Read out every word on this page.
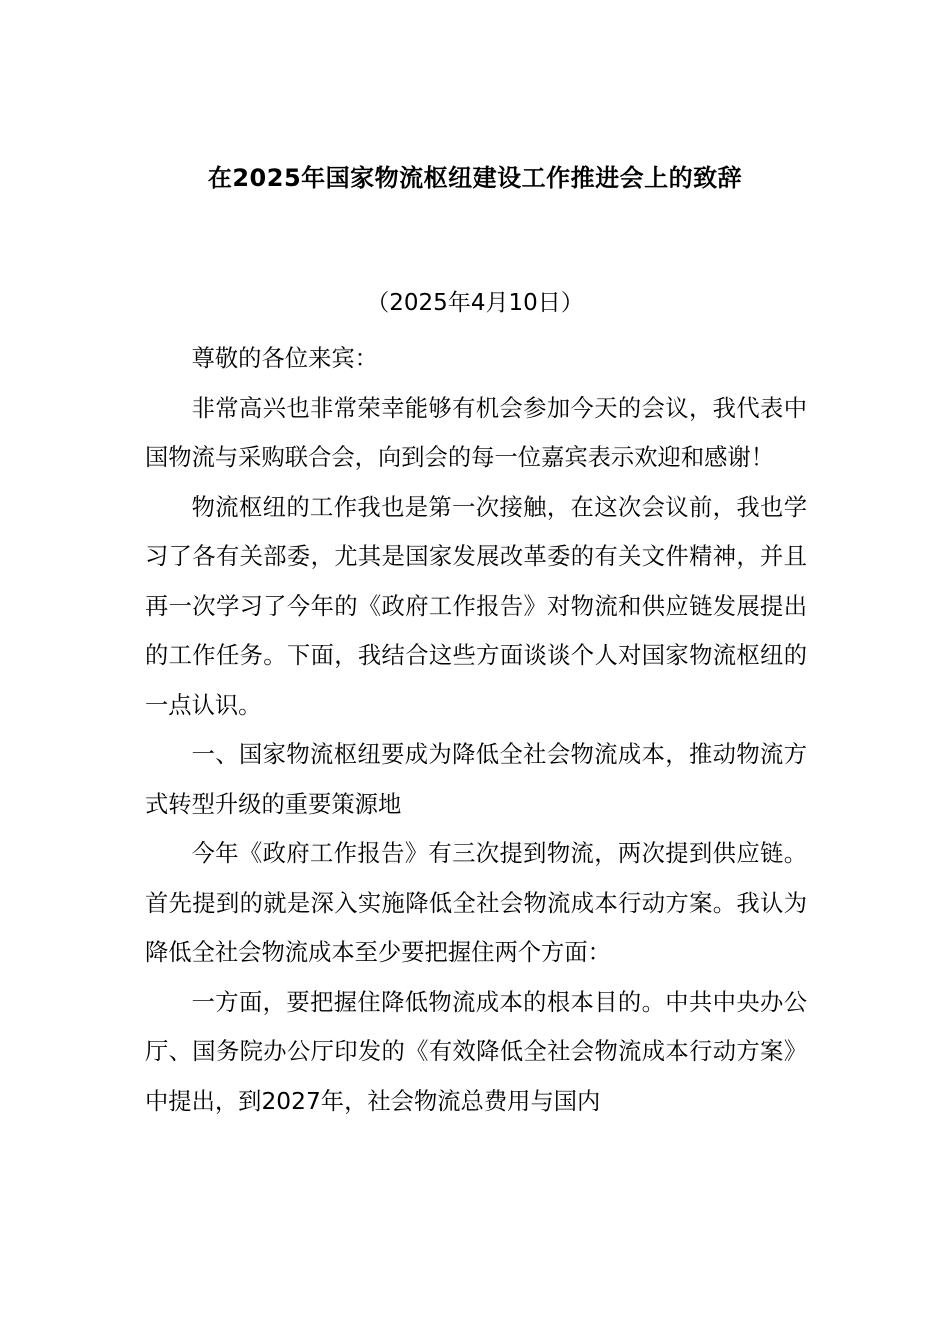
在2025年国家物流枢纽建设工作推进会上的致辞
（2025年4月10日）

尊敬的各位来宾：

非常高兴也非常荣幸能够有机会参加今天的会议，我代表中国物流与采购联合会，向到会的每一位嘉宾表示欢迎和感谢！

物流枢纽的工作我也是第一次接触，在这次会议前，我也学习了各有关部委，尤其是国家发展改革委的有关文件精神，并且再一次学习了今年的《政府工作报告》对物流和供应链发展提出的工作任务。下面，我结合这些方面谈谈个人对国家物流枢纽的一点认识。

一、国家物流枢纽要成为降低全社会物流成本，推动物流方式转型升级的重要策源地

今年《政府工作报告》有三次提到物流，两次提到供应链。首先提到的就是深入实施降低全社会物流成本行动方案。我认为降低全社会物流成本至少要把握住两个方面：

一方面，要把握住降低物流成本的根本目的。中共中央办公厅、国务院办公厅印发的《有效降低全社会物流成本行动方案》中提出，到2027年，社会物流总费用与国内
